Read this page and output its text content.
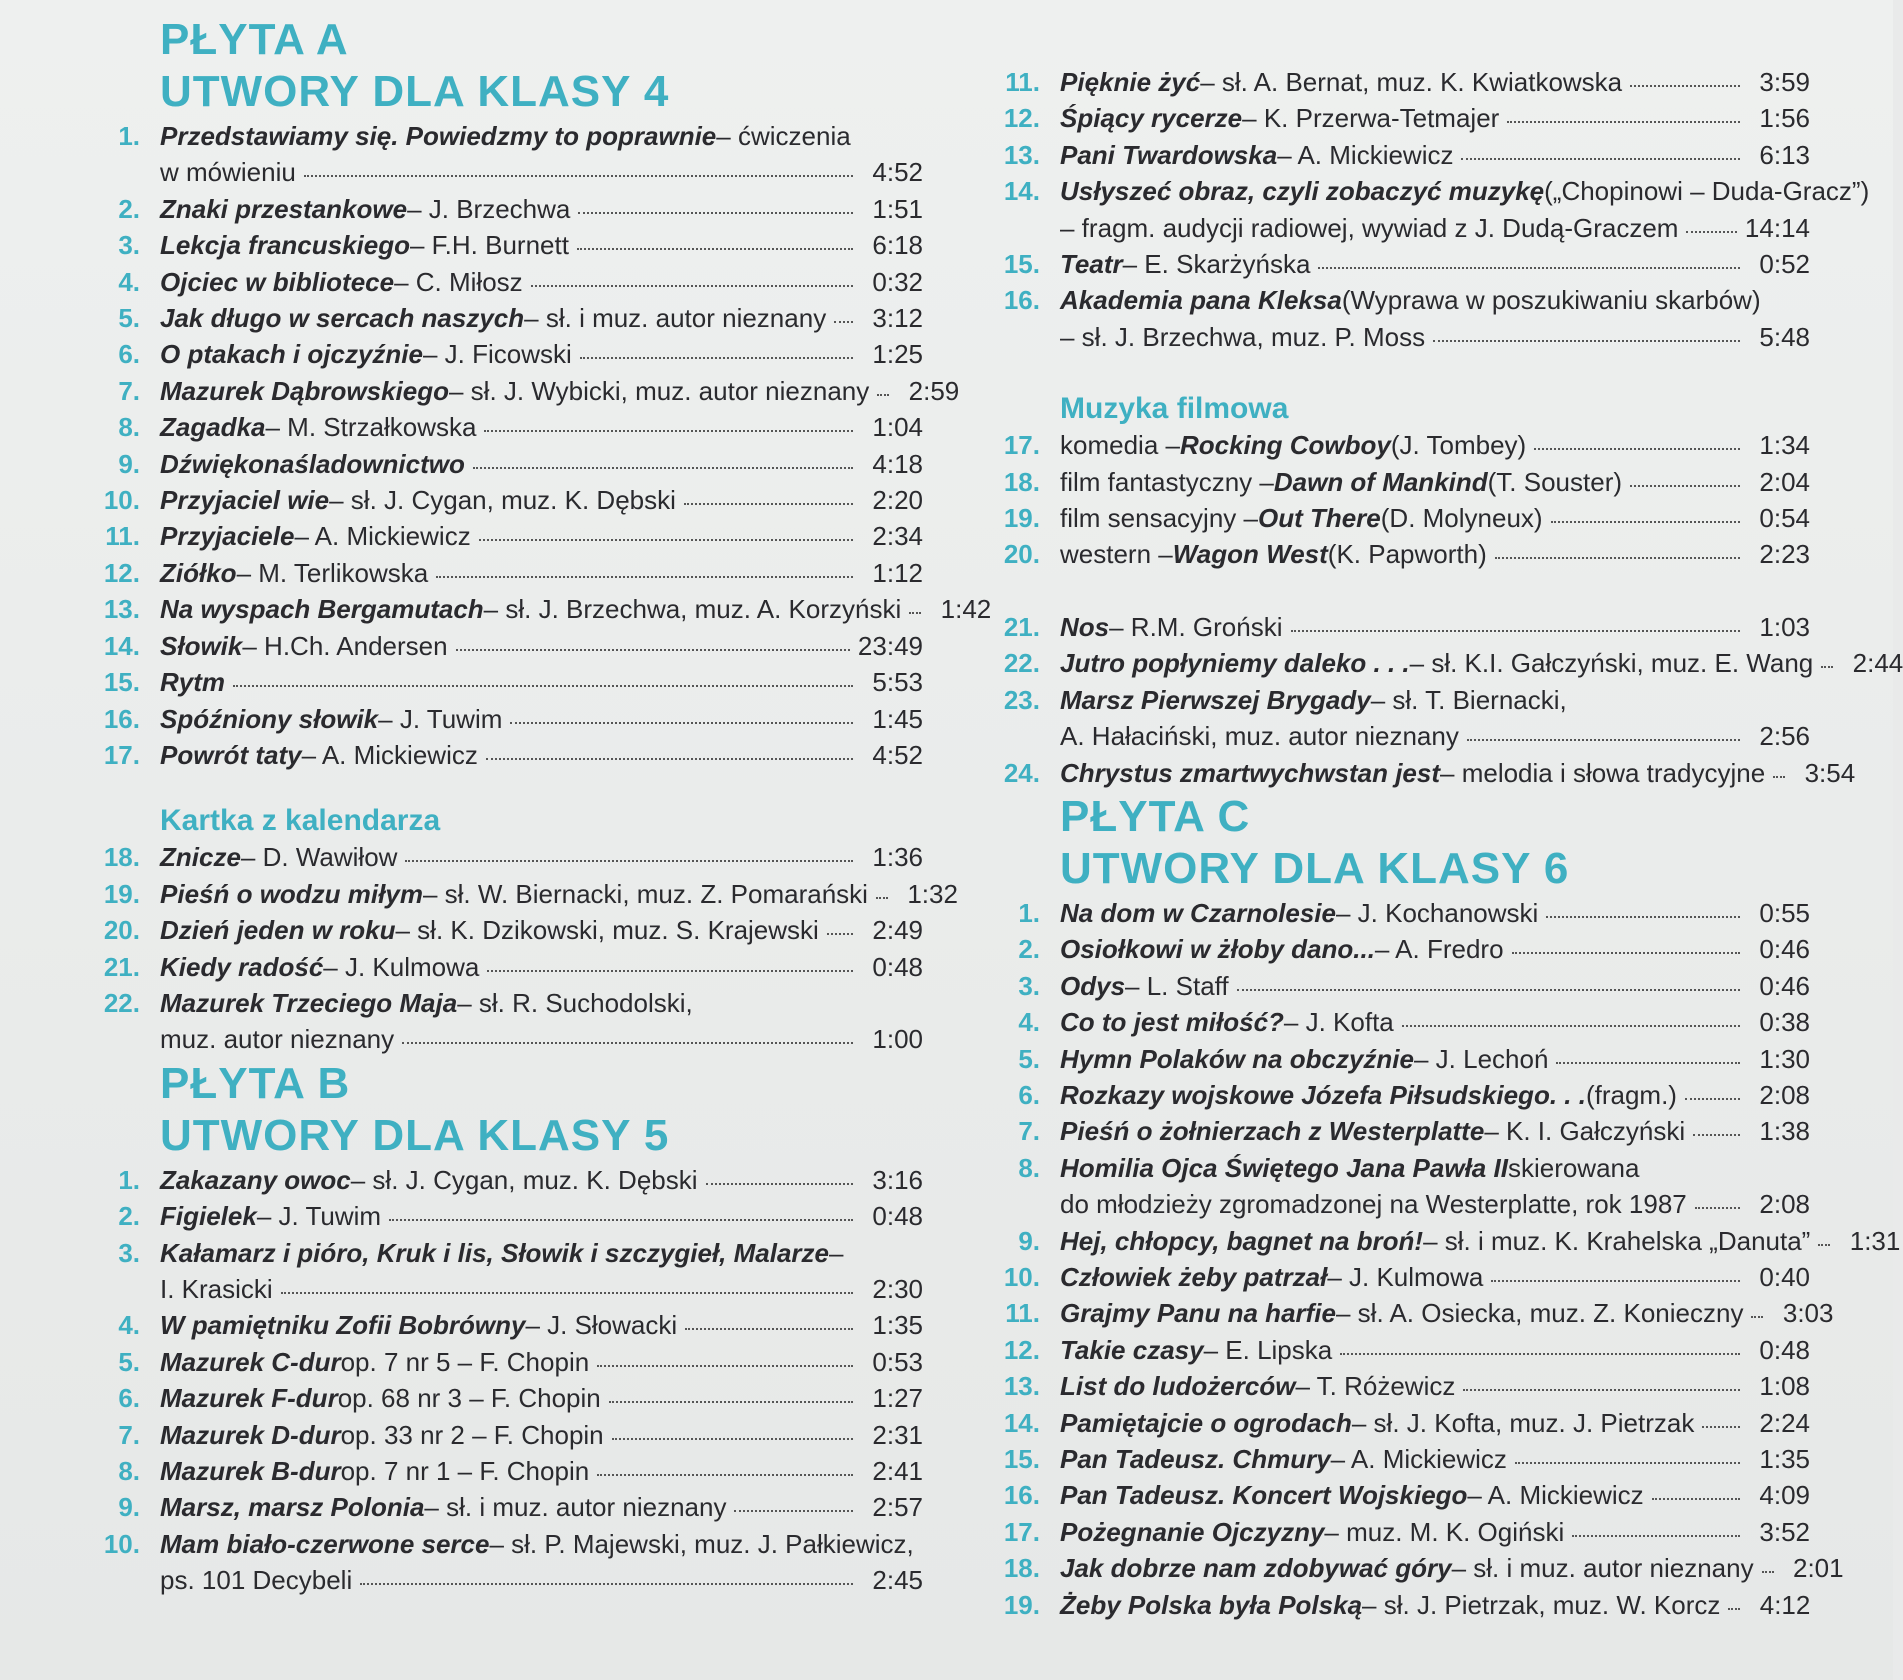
PŁYTA A
UTWORY DLA KLASY 4
1. Przedstawiamy się. Powiedzmy to poprawnie – ćwiczenia
w mówieniu	4:52
2. Znaki przestankowe – J. Brzechwa	1:51
3. Lekcja francuskiego – F.H. Burnett	6:18
4. Ojciec w bibliotece – C. Miłosz	0:32
5. Jak długo w sercach naszych – sł. i muz. autor nieznany	3:12
6. O ptakach i ojczyźnie – J. Ficowski	1:25
7. Mazurek Dąbrowskiego – sł. J. Wybicki, muz. autor nieznany	2:59
8. Zagadka – M. Strzałkowska	1:04
9. Dźwiękonaśladownictwo	4:18
10. Przyjaciel wie – sł. J. Cygan, muz. K. Dębski	2:20
11. Przyjaciele – A. Mickiewicz	2:34
12. Ziółko – M. Terlikowska	1:12
13. Na wyspach Bergamutach – sł. J. Brzechwa, muz. A. Korzyński	1:42
14. Słowik – H.Ch. Andersen	23:49
15. Rytm	5:53
16. Spóźniony słowik – J. Tuwim	1:45
17. Powrót taty – A. Mickiewicz	4:52
Kartka z kalendarza
18. Znicze – D. Wawiłow	1:36
19. Pieśń o wodzu miłym – sł. W. Biernacki, muz. Z. Pomarański	1:32
20. Dzień jeden w roku – sł. K. Dzikowski, muz. S. Krajewski	2:49
21. Kiedy radość – J. Kulmowa	0:48
22. Mazurek Trzeciego Maja – sł. R. Suchodolski,
muz. autor nieznany	1:00
PŁYTA B
UTWORY DLA KLASY 5
1. Zakazany owoc – sł. J. Cygan, muz. K. Dębski	3:16
2. Figielek – J. Tuwim	0:48
3. Kałamarz i pióro, Kruk i lis, Słowik i szczygieł, Malarze –
I. Krasicki	2:30
4. W pamiętniku Zofii Bobrówny – J. Słowacki	1:35
5. Mazurek C-dur op. 7 nr 5 – F. Chopin	0:53
6. Mazurek F-dur op. 68 nr 3 – F. Chopin	1:27
7. Mazurek D-dur op. 33 nr 2 – F. Chopin	2:31
8. Mazurek B-dur op. 7 nr 1 – F. Chopin	2:41
9. Marsz, marsz Polonia – sł. i muz. autor nieznany	2:57
10. Mam biało-czerwone serce – sł. P. Majewski, muz. J. Pałkiewicz,
ps. 101 Decybeli	2:45
11. Pięknie żyć – sł. A. Bernat, muz. K. Kwiatkowska	3:59
12. Śpiący rycerze – K. Przerwa-Tetmajer	1:56
13. Pani Twardowska – A. Mickiewicz	6:13
14. Usłyszeć obraz, czyli zobaczyć muzykę („Chopinowi – Duda-Gracz”)
– fragm. audycji radiowej, wywiad z J. Dudą-Graczem	14:14
15. Teatr – E. Skarżyńska	0:52
16. Akademia pana Kleksa (Wyprawa w poszukiwaniu skarbów)
– sł. J. Brzechwa, muz. P. Moss	5:48
Muzyka filmowa
17. komedia – Rocking Cowboy (J. Tombey)	1:34
18. film fantastyczny – Dawn of Mankind (T. Souster)	2:04
19. film sensacyjny – Out There (D. Molyneux)	0:54
20. western – Wagon West (K. Papworth)	2:23
21. Nos – R.M. Groński	1:03
22. Jutro popłyniemy daleko . . . – sł. K.I. Gałczyński, muz. E. Wang	2:44
23. Marsz Pierwszej Brygady – sł. T. Biernacki,
A. Hałaciński, muz. autor nieznany	2:56
24. Chrystus zmartwychwstan jest – melodia i słowa tradycyjne	3:54
PŁYTA C
UTWORY DLA KLASY 6
1. Na dom w Czarnolesie – J. Kochanowski	0:55
2. Osiołkowi w żłoby dano... – A. Fredro	0:46
3. Odys – L. Staff	0:46
4. Co to jest miłość? – J. Kofta	0:38
5. Hymn Polaków na obczyźnie – J. Lechoń	1:30
6. Rozkazy wojskowe Józefa Piłsudskiego. . . (fragm.)	2:08
7. Pieśń o żołnierzach z Westerplatte – K. I. Gałczyński	1:38
8. Homilia Ojca Świętego Jana Pawła II skierowana
do młodzieży zgromadzonej na Westerplatte, rok 1987	2:08
9. Hej, chłopcy, bagnet na broń! – sł. i muz. K. Krahelska „Danuta”	1:31
10. Człowiek żeby patrzał – J. Kulmowa	0:40
11. Grajmy Panu na harfie – sł. A. Osiecka, muz. Z. Konieczny	3:03
12. Takie czasy – E. Lipska	0:48
13. List do ludożerców – T. Różewicz	1:08
14. Pamiętajcie o ogrodach – sł. J. Kofta, muz. J. Pietrzak	2:24
15. Pan Tadeusz. Chmury – A. Mickiewicz	1:35
16. Pan Tadeusz. Koncert Wojskiego – A. Mickiewicz	4:09
17. Pożegnanie Ojczyzny – muz. M. K. Ogiński	3:52
18. Jak dobrze nam zdobywać góry – sł. i muz. autor nieznany	2:01
19. Żeby Polska była Polską – sł. J. Pietrzak, muz. W. Korcz	4:12
